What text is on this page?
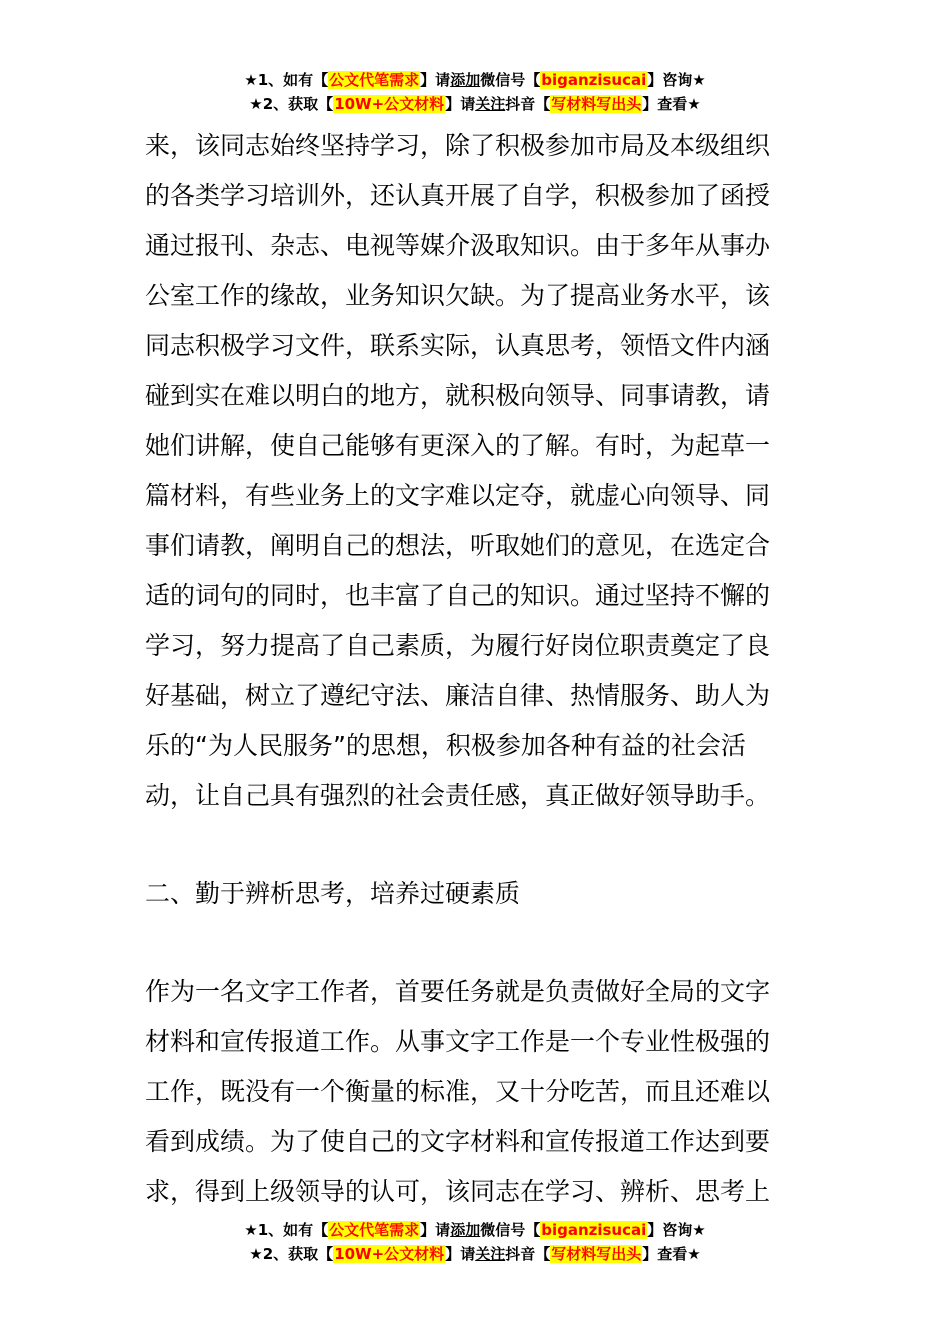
★1、如有【公文代笔需求】请添加微信号【biganzisucai】咨询★
★2、获取【10W+公文材料】请关注抖音【写材料写出头】查看★
来，该同志始终坚持学习，除了积极参加市局及本级组织
的各类学习培训外，还认真开展了自学，积极参加了函授
通过报刊、杂志、电视等媒介汲取知识。由于多年从事办
公室工作的缘故，业务知识欠缺。为了提高业务水平，该
同志积极学习文件，联系实际，认真思考，领悟文件内涵
碰到实在难以明白的地方，就积极向领导、同事请教，请
她们讲解，使自己能够有更深入的了解。有时，为起草一
篇材料，有些业务上的文字难以定夺，就虚心向领导、同
事们请教，阐明自己的想法，听取她们的意见，在选定合
适的词句的同时，也丰富了自己的知识。通过坚持不懈的
学习，努力提高了自己素质，为履行好岗位职责奠定了良
好基础，树立了遵纪守法、廉洁自律、热情服务、助人为
乐的“为人民服务”的思想，积极参加各种有益的社会活
动，让自己具有强烈的社会责任感，真正做好领导助手。
二、勤于辨析思考，培养过硬素质
作为一名文字工作者，首要任务就是负责做好全局的文字
材料和宣传报道工作。从事文字工作是一个专业性极强的
工作，既没有一个衡量的标准，又十分吃苦，而且还难以
看到成绩。为了使自己的文字材料和宣传报道工作达到要
求，得到上级领导的认可，该同志在学习、辨析、思考上
★1、如有【公文代笔需求】请添加微信号【biganzisucai】咨询★
★2、获取【10W+公文材料】请关注抖音【写材料写出头】查看★
